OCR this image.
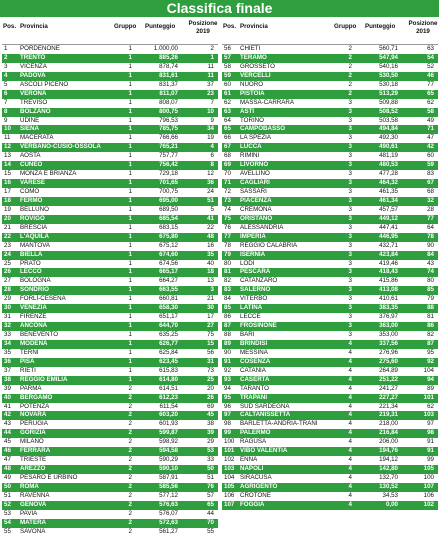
Classifica finale
Pos. Provincia	Gruppo Punteggio Posizione 2019
1 PORDENONE	1	1.000,00	2
2 TRENTO	1	885,26	1
3 VICENZA	1	878,74	11
4 PADOVA	1	831,61	11
5 ASCOLI PICENO	1	831,37	37
6 VERONA	1	811,07	23
7 TREVISO	1	808,07	7
8 BOLZANO	1	800,75	10
9 UDINE	1	796,53	9
10 SIENA	1	785,75	34
11 MACERATA	1	766,66	19
12 VERBANO-CUSIO-OSSOLA	1	765,21	4
13 AOSTA	1	757,77	6
14 CUNEO	1	756,42	8
15 MONZA E BRIANZA	1	729,18	12
16 VARESE	1	701,65	36
17 COMO	1	700,75	24
18 FERMO	1	695,00	51
19 BELLUNO	1	689,50	5
20 ROVIGO	1	685,54	41
21 BRESCIA	1	683,15	22
22 L'AQUILA	1	675,80	48
23 MANTOVA	1	675,12	16
24 BIELLA	1	674,60	35
25 PRATO	1	674,56	40
26 LECCO	1	665,17	18
27 BOLOGNA	1	664,27	13
28 SONDRIO	1	663,55	3
29 FORLÌ-CESENA	1	660,81	21
30 VENEZIA	1	658,30	30
31 FIRENZE	1	651,17	17
32 ANCONA	1	644,70	27
33 BENEVENTO	1	635,25	75
34 MODENA	1	626,77	15
35 TERNI	1	625,84	56
36 PISA	1	623,45	31
37 RIETI	1	615,83	73
38 REGGIO EMILIA	1	614,80	25
39 PARMA	2	614,51	20
40 BERGAMO	2	612,23	26
41 POTENZA	2	611,54	69
42 NOVARA	2	603,20	45
43 PERUGIA	2	601,93	38
44 GORIZIA	2	599,87	39
45 MILANO	2	598,92	29
46 FERRARA	2	594,58	53
47 TRIESTE	2	590,29	33
48 AREZZO	2	590,10	50
49 PESARO E URBINO	2	587,91	51
50 ROMA	2	585,56	76
51 RAVENNA	2	577,12	57
52 GENOVA	2	576,63	65
53 PAVIA	2	576,07	44
54 MATERA	2	572,63	70
55 SAVONA	2	561,27	55
Pos. Provincia	Gruppo Punteggio Posizione 2019
56 CHIETI	2	560,71	63
57 TERAMO	2	547,94	54
58 GROSSETO	2	540,16	52
59 VERCELLI	2	530,50	46
60 NUORO	2	530,18	77
61 PISTOIA	2	513,29	65
62 MASSA-CARRARA	3	509,88	62
63 ASTI	3	508,52	58
64 TORINO	3	503,58	49
65 CAMPOBASSO	3	494,84	71
66 LA SPEZIA	3	492,30	47
67 LUCCA	3	490,61	42
68 RIMINI	3	481,19	60
69 LIVORNO	3	480,53	59
70 AVELLINO	3	477,28	83
71 CAGLIARI	3	464,32	67
72 SASSARI	3	461,35	68
73 PIACENZA	3	461,34	32
74 CREMONA	3	457,57	28
75 ORISTANO	3	449,12	77
76 ALESSANDRIA	3	447,41	64
77 IMPERIA	3	446,95	78
78 REGGIO CALABRIA	3	432,71	90
79 ISERNIA	3	423,84	84
80 LODI	3	419,46	43
81 PESCARA	3	418,43	74
82 CATANZARO	3	415,86	80
83 SALERNO	3	413,08	85
84 VITERBO	3	410,61	79
85 LATINA	3	383,35	88
86 LECCE	3	376,97	81
87 FROSINONE	3	363,00	86
88 BARI	3	353,00	82
89 BRINDISI	4	337,56	87
90 MESSINA	4	276,96	95
91 COSENZA	4	275,60	92
92 CATANIA	4	264,89	104
93 CASERTA	4	251,22	94
94 TARANTO	4	241,27	89
95 TRAPANI	4	227,27	101
96 SUD SARDEGNA	4	221,34	62
97 CALTANISSETTA	4	219,31	103
98 BARLETTA-ANDRIA-TRANI	4	218,00	97
99 PALERMO	4	216,84	98
100 RAGUSA	4	206,00	91
101 VIBO VALENTIA	4	194,76	91
102 ENNA	4	194,12	99
103 NAPOLI	4	142,80	105
104 SIRACUSA	4	132,70	100
105 AGRIGENTO	4	130,52	107
106 CROTONE	4	34,53	106
107 FOGGIA	4	0,00	102
